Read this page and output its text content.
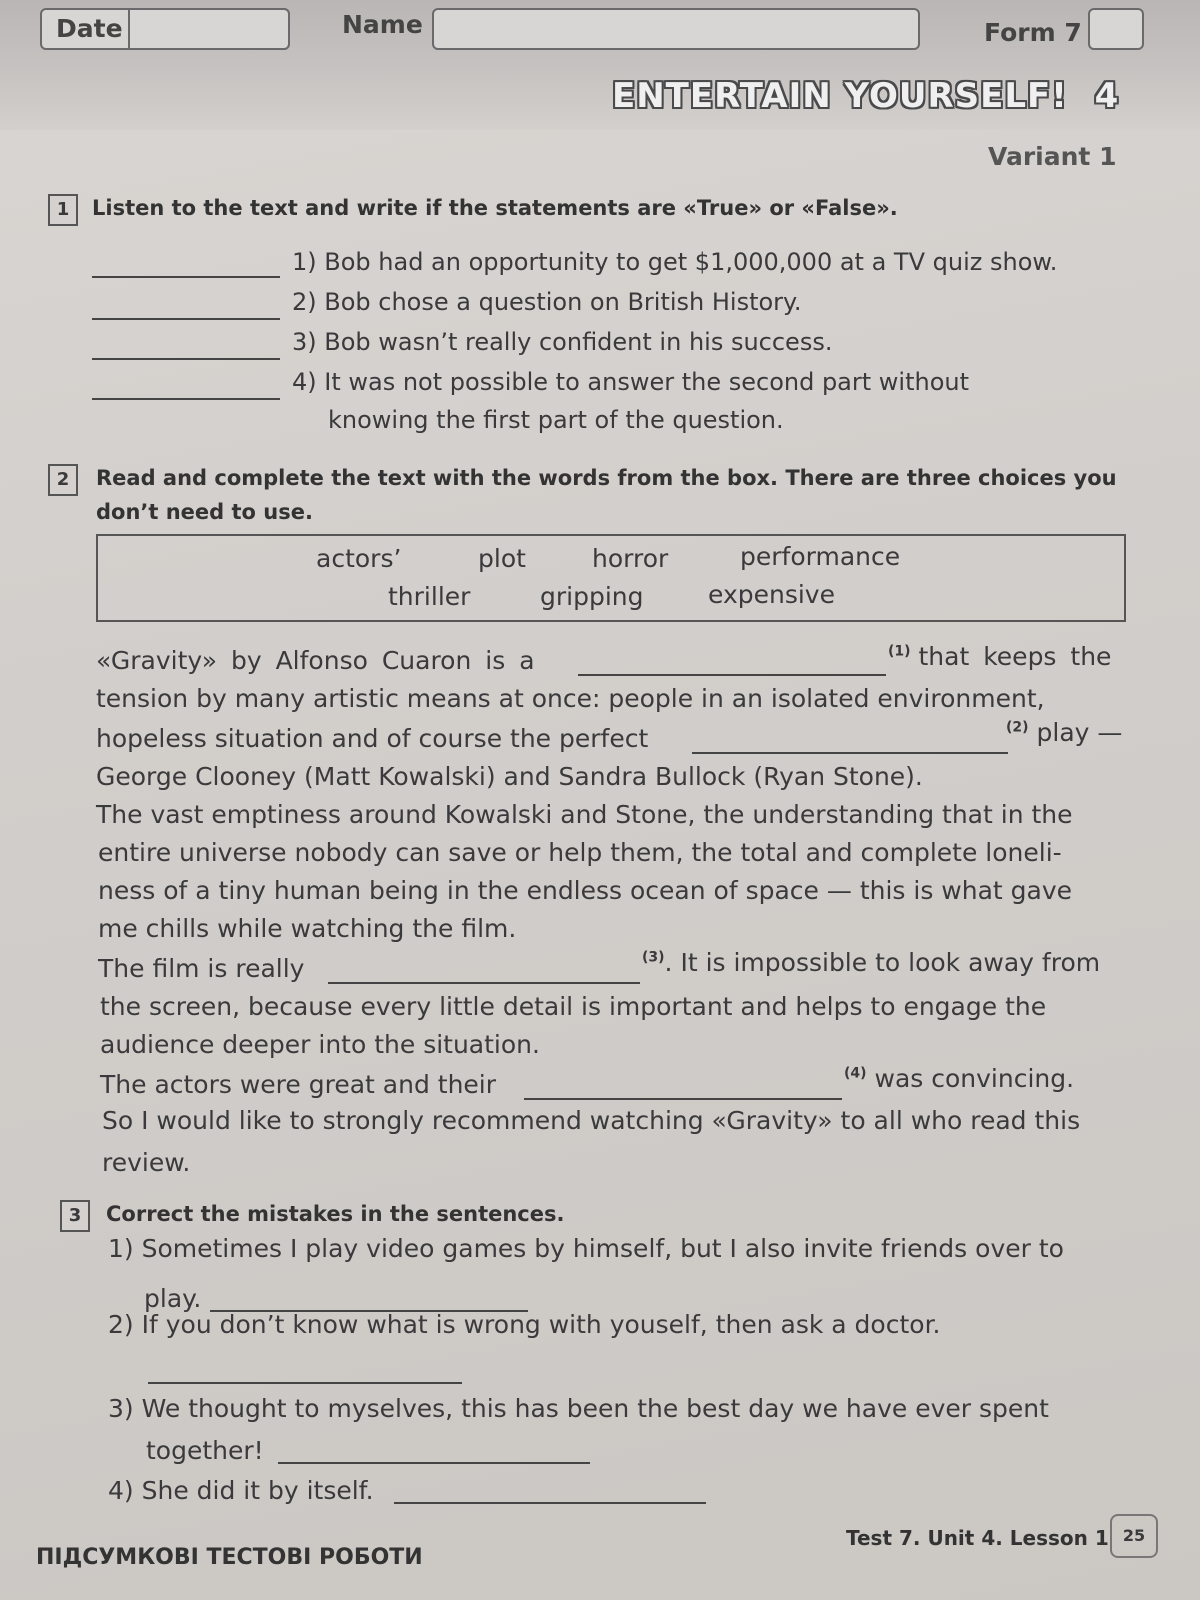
Date	Name	Form 7
ENTERTAIN YOURSELF! 4
Variant 1
1	Listen to the text and write if the statements are «True» or «False».
1) Bob had an opportunity to get $1,000,000 at a TV quiz show.
2) Bob chose a question on British History.
3) Bob wasn’t really confident in his success.
4) It was not possible to answer the second part without
knowing the first part of the question.
2	Read and complete the text with the words from the box. There are three choices you
don’t need to use.
actors’	plot	horror	performance
thriller	gripping	expensive
«Gravity» by Alfonso Cuaron is a	$^{(1)}$ that keeps the
tension by many artistic means at once: people in an isolated environment,
hopeless situation and of course the perfect	$^{(2)}$ play —
George Clooney (Matt Kowalski) and Sandra Bullock (Ryan Stone).
The vast emptiness around Kowalski and Stone, the understanding that in the
entire universe nobody can save or help them, the total and complete loneli-
ness of a tiny human being in the endless ocean of space — this is what gave
me chills while watching the film.
The film is really	$^{(3)}$. It is impossible to look away from
the screen, because every little detail is important and helps to engage the
audience deeper into the situation.
The actors were great and their	$^{(4)}$ was convincing.
So I would like to strongly recommend watching «Gravity» to all who read this
review.
3	Correct the mistakes in the sentences.
1) Sometimes I play video games by himself, but I also invite friends over to
play.
2) If you don’t know what is wrong with youself, then ask a doctor.
3) We thought to myselves, this has been the best day we have ever spent
together!
4) She did it by itself.
ПІДСУМКОВІ ТЕСТОВІ РОБОТИ
Test 7. Unit 4. Lesson 1 25
